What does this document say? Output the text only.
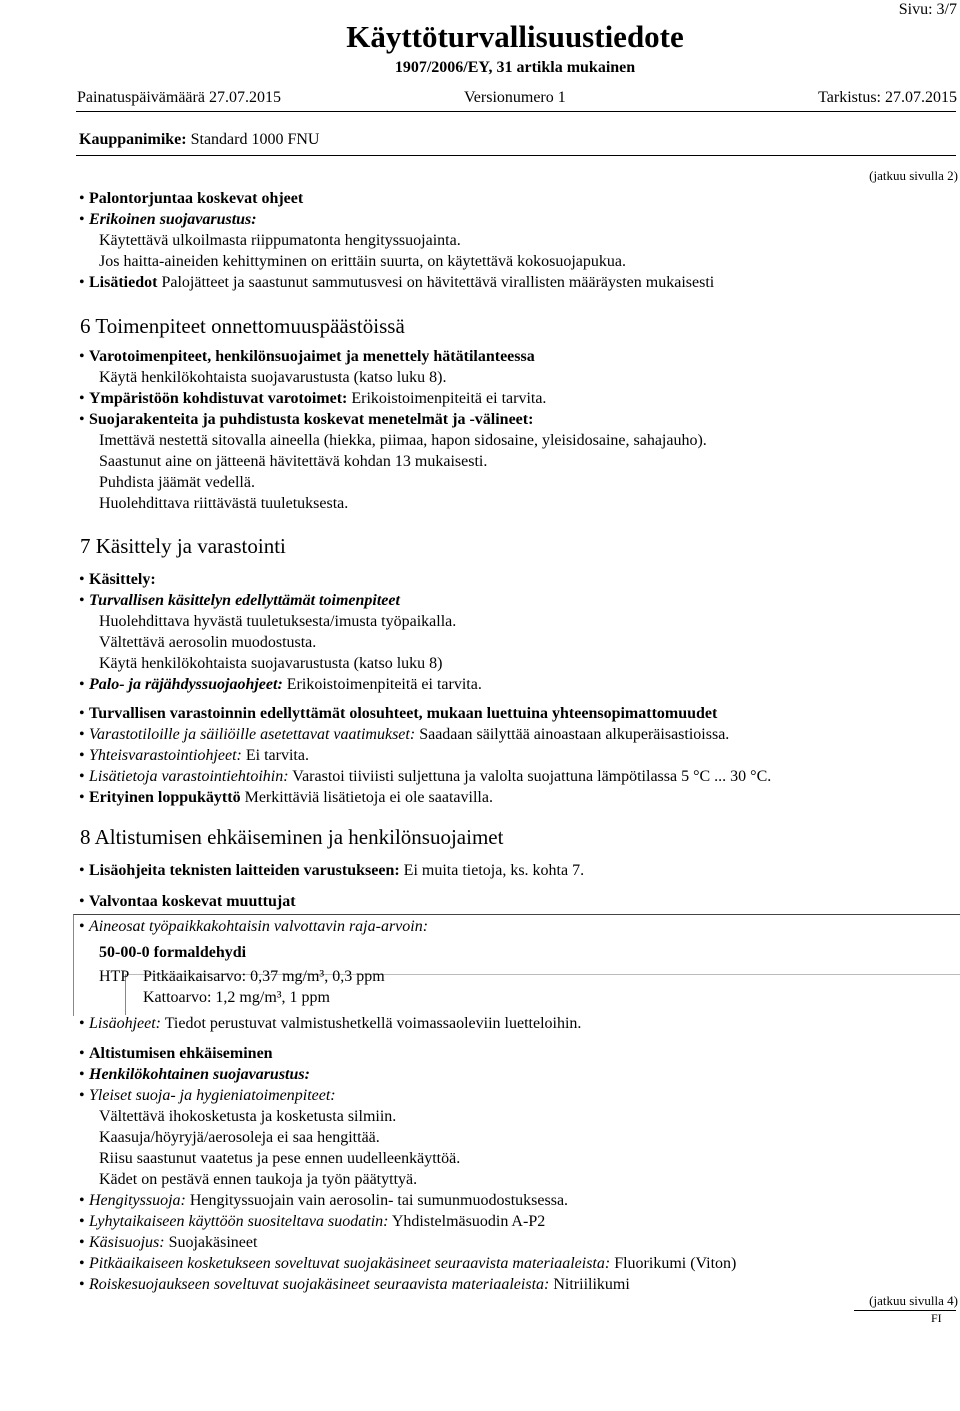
Sivu: 3/7
Käyttöturvallisuustiedote
1907/2006/EY, 31 artikla mukainen
Painatuspäivämäärä 27.07.2015	Versionumero 1	Tarkistus: 27.07.2015
Kauppanimike: Standard 1000 FNU
(jatkuu sivulla 2)
• Palontorjuntaa koskevat ohjeet
• Erikoinen suojavarustus:
Käytettävä ulkoilmasta riippumatonta hengityssuojainta.
Jos haitta-aineiden kehittyminen on erittäin suurta, on käytettävä kokosuojapukua.
• Lisätiedot Palojätteet ja saastunut sammutusvesi on hävitettävä virallisten määräysten mukaisesti
6 Toimenpiteet onnettomuuspäästöissä
• Varotoimenpiteet, henkilönsuojaimet ja menettely hätätilanteessa
Käytä henkilökohtaista suojavarustusta (katso luku 8).
• Ympäristöön kohdistuvat varotoimet: Erikoistoimenpiteitä ei tarvita.
• Suojarakenteita ja puhdistusta koskevat menetelmät ja -välineet:
Imettävä nestettä sitovalla aineella (hiekka, piimaa, hapon sidosaine, yleisidosaine, sahajauho).
Saastunut aine on jätteenä hävitettävä kohdan 13 mukaisesti.
Puhdista jäämät vedellä.
Huolehdittava riittävästä tuuletuksesta.
7 Käsittely ja varastointi
• Käsittely:
• Turvallisen käsittelyn edellyttämät toimenpiteet
Huolehdittava hyvästä tuuletuksesta/imusta työpaikalla.
Vältettävä aerosolin muodostusta.
Käytä henkilökohtaista suojavarustusta (katso luku 8)
• Palo- ja räjähdyssuojaohjeet: Erikoistoimenpiteitä ei tarvita.
• Turvallisen varastoinnin edellyttämät olosuhteet, mukaan luettuina yhteensopimattomuudet
• Varastotiloille ja säiliöille asetettavat vaatimukset: Saadaan säilyttää ainoastaan alkuperäisastioissa.
• Yhteisvarastointiohjeet: Ei tarvita.
• Lisätietoja varastointiehtoihin: Varastoi tiiviisti suljettuna ja valolta suojattuna lämpötilassa 5 °C ... 30 °C.
• Erityinen loppukäyttö Merkittäviä lisätietoja ei ole saatavilla.
8 Altistumisen ehkäiseminen ja henkilönsuojaimet
• Lisäohjeita teknisten laitteiden varustukseen: Ei muita tietoja, ks. kohta 7.
• Valvontaa koskevat muuttujat
• Aineosat työpaikkakohtaisin valvottavin raja-arvoin:
50-00-0 formaldehydi
HTP Pitkäaikaisarvo: 0,37 mg/m³, 0,3 ppm
Kattoarvo: 1,2 mg/m³, 1 ppm
• Lisäohjeet: Tiedot perustuvat valmistushetkellä voimassaoleviin luetteloihin.
• Altistumisen ehkäiseminen
• Henkilökohtainen suojavarustus:
• Yleiset suoja- ja hygieniatoimenpiteet:
Vältettävä ihokosketusta ja kosketusta silmiin.
Kaasuja/höyryjä/aerosoleja ei saa hengittää.
Riisu saastunut vaatetus ja pese ennen uudelleenkäyttöä.
Kädet on pestävä ennen taukoja ja työn päätyttyä.
• Hengityssuoja: Hengityssuojain vain aerosolin- tai sumunmuodostuksessa.
• Lyhytaikaiseen käyttöön suositeltava suodatin: Yhdistelmäsuodin A-P2
• Käsisuojus: Suojakäsineet
• Pitkäaikaiseen kosketukseen soveltuvat suojakäsineet seuraavista materiaaleista: Fluorikumi (Viton)
• Roiskesuojaukseen soveltuvat suojakäsineet seuraavista materiaaleista: Nitriilikumi
(jatkuu sivulla 4)
FI
